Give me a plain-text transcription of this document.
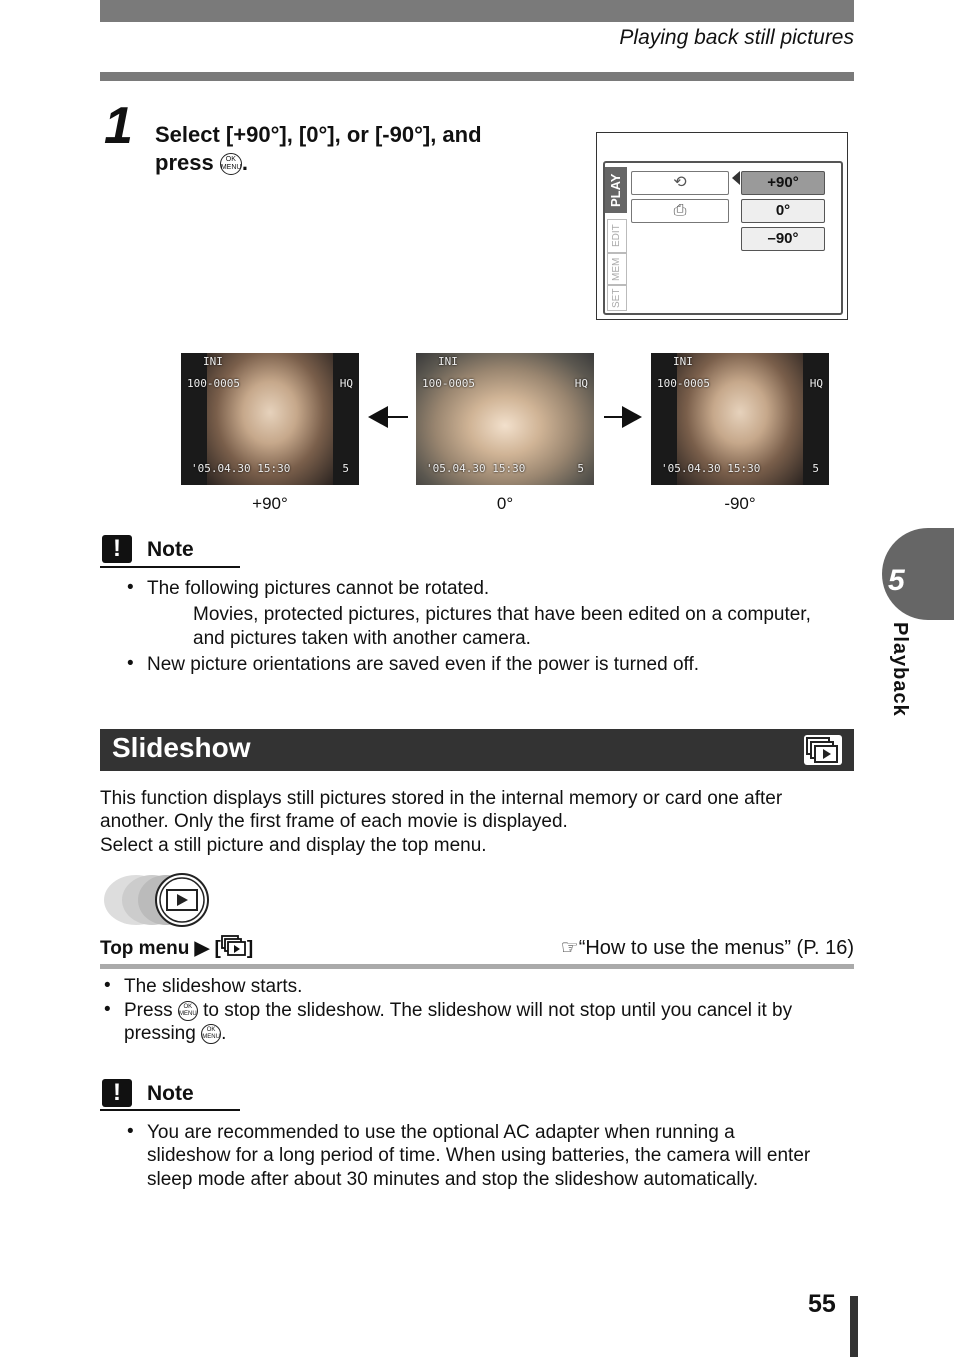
Playing back still pictures
1 Select [+90°], [0°], or [-90°], and
press OK
MENU.
PLAY
EDIT
MEM
SET
⟲
⎙
+90°
0°
–90°
INI
100-0005	HQ
'05.04.30 15:30	5
+90°
INI
100-0005	HQ
'05.04.30 15:30	5
0°
INI
100-0005	HQ
'05.04.30 15:30	5
-90°
!	Note
• The following pictures cannot be rotated.
Movies, protected pictures, pictures that have been edited on a computer,
and pictures taken with another camera.
• New picture orientations are saved even if the power is turned off.
Slideshow
This function displays still pictures stored in the internal memory or card one after
another. Only the first frame of each movie is displayed.
Select a still picture and display the top menu.
Top menu ▶ [ ]	☞“How to use the menus” (P. 16)
• The slideshow starts.
• Press OK
MENU to stop the slideshow. The slideshow will not stop until you cancel it by
pressing OK
MENU.
!	Note
• You are recommended to use the optional AC adapter when running a
slideshow for a long period of time. When using batteries, the camera will enter
sleep mode after about 30 minutes and stop the slideshow automatically.
5
Playback
55
